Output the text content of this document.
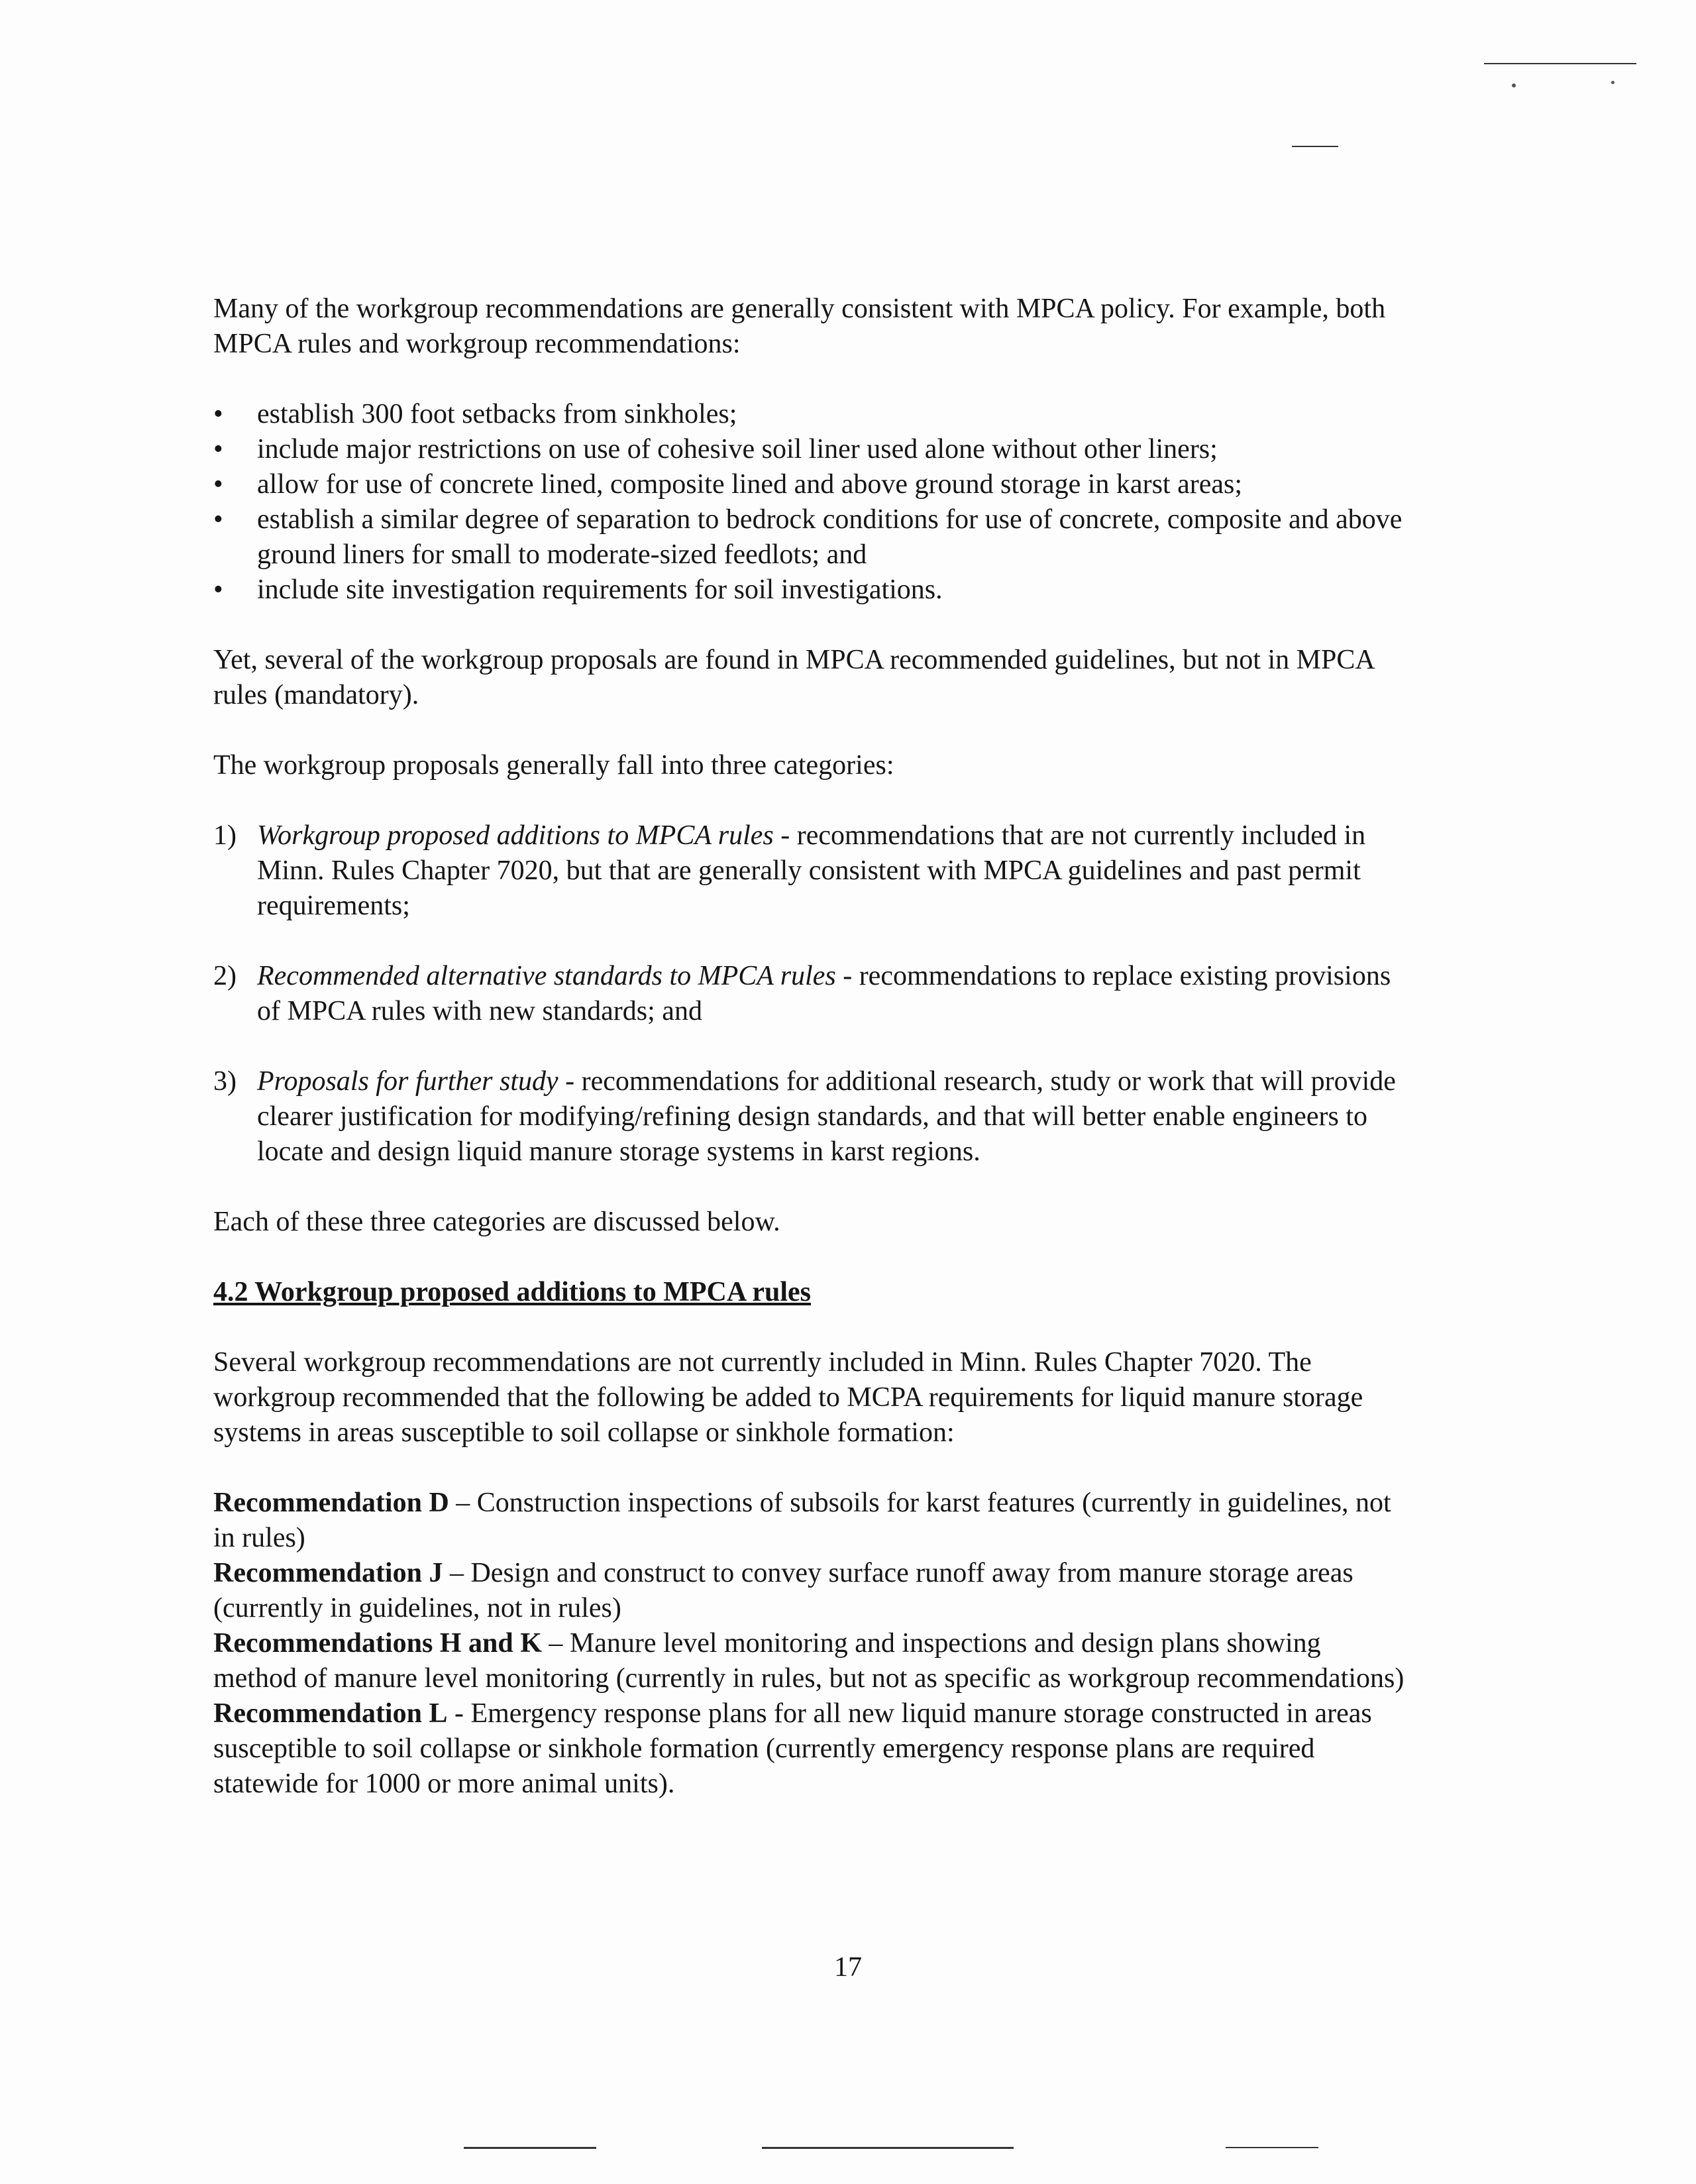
Many of the workgroup recommendations are generally consistent with MPCA policy. For example, both MPCA rules and workgroup recommendations:

• establish 300 foot setbacks from sinkholes;
• include major restrictions on use of cohesive soil liner used alone without other liners;
• allow for use of concrete lined, composite lined and above ground storage in karst areas;
• establish a similar degree of separation to bedrock conditions for use of concrete, composite and above ground liners for small to moderate-sized feedlots; and
• include site investigation requirements for soil investigations.

Yet, several of the workgroup proposals are found in MPCA recommended guidelines, but not in MPCA rules (mandatory).

The workgroup proposals generally fall into three categories:

1) Workgroup proposed additions to MPCA rules - recommendations that are not currently included in Minn. Rules Chapter 7020, but that are generally consistent with MPCA guidelines and past permit requirements;
2) Recommended alternative standards to MPCA rules - recommendations to replace existing provisions of MPCA rules with new standards; and
3) Proposals for further study - recommendations for additional research, study or work that will provide clearer justification for modifying/refining design standards, and that will better enable engineers to locate and design liquid manure storage systems in karst regions.

Each of these three categories are discussed below.

4.2 Workgroup proposed additions to MPCA rules

Several workgroup recommendations are not currently included in Minn. Rules Chapter 7020. The workgroup recommended that the following be added to MCPA requirements for liquid manure storage systems in areas susceptible to soil collapse or sinkhole formation:

Recommendation D – Construction inspections of subsoils for karst features (currently in guidelines, not in rules)

Recommendation J – Design and construct to convey surface runoff away from manure storage areas (currently in guidelines, not in rules)

Recommendations H and K – Manure level monitoring and inspections and design plans showing method of manure level monitoring (currently in rules, but not as specific as workgroup recommendations)

Recommendation L - Emergency response plans for all new liquid manure storage constructed in areas susceptible to soil collapse or sinkhole formation (currently emergency response plans are required statewide for 1000 or more animal units).

17
